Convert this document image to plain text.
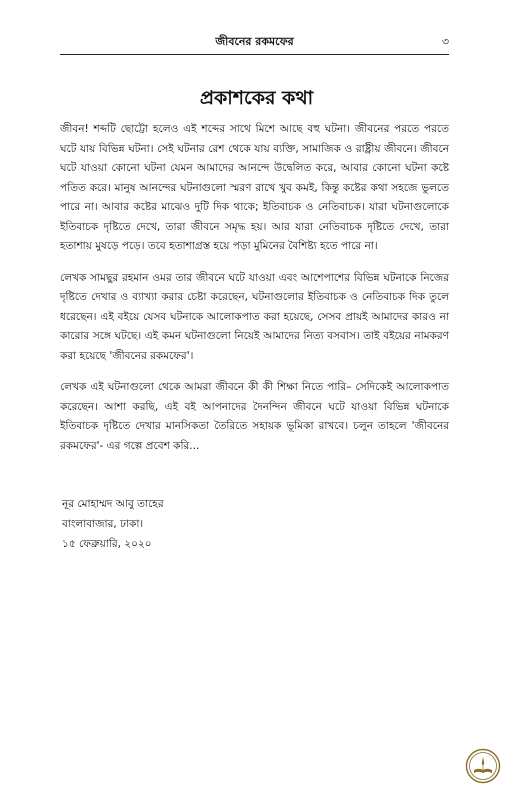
জীবনের রকমফের	৩
প্রকাশকের কথা

জীবন! শব্দটি ছোট্টো হলেও এই শব্দের সাথে মিশে আছে বহু ঘটনা। জীবনের পরতে পরতে ঘটে যায় বিভিন্ন ঘটনা। সেই ঘটনার রেশ থেকে যায় ব্যক্তি, সামাজিক ও রাষ্ট্রীয় জীবনে। জীবনে ঘটে যাওয়া কোনো ঘটনা যেমন আমাদের আনন্দে উদ্বেলিত করে, আবার কোনো ঘটনা কষ্টে পতিত করে। মানুষ আনন্দের ঘটনাগুলো স্মরণ রাখে খুব কমই, কিন্তু কষ্টের কথা সহজে ভুলতে পারে না। আবার কষ্টের মাঝেও দুটি দিক থাকে; ইতিবাচক ও নেতিবাচক। যারা ঘটনাগুলোকে ইতিবাচক দৃষ্টিতে দেখে, তারা জীবনে সমৃদ্ধ হয়। আর যারা নেতিবাচক দৃষ্টিতে দেখে, তারা হতাশায় মুষড়ে পড়ে। তবে হতাশাগ্রস্ত হয়ে পড়া মুমিনের বৈশিষ্ট্য হতে পারে না।

লেখক সামছুর রহমান ওমর তার জীবনে ঘটে যাওয়া এবং আশেপাশের বিভিন্ন ঘটনাকে নিজের দৃষ্টিতে দেখার ও ব্যাখ্যা করার চেষ্টা করেছেন, ঘটনাগুলোর ইতিবাচক ও নেতিবাচক দিক তুলে ধরেছেন। এই বইয়ে যেসব ঘটনাকে আলোকপাত করা হয়েছে, সেসব প্রায়ই আমাদের কারও না কারোর সঙ্গে ঘটছে। এই কমন ঘটনাগুলো নিয়েই আমাদের নিত্য বসবাস। তাই বইয়ের নামকরণ করা হয়েছে 'জীবনের রকমফের'।

লেখক এই ঘটনাগুলো থেকে আমরা জীবনে কী কী শিক্ষা নিতে পারি– সেদিকেই আলোকপাত করেছেন। আশা করছি, এই বই আপনাদের দৈনন্দিন জীবনে ঘটে যাওয়া বিভিন্ন ঘটনাকে ইতিবাচক দৃষ্টিতে দেখার মানসিকতা তৈরিতে সহায়ক ভূমিকা রাখবে। চলুন তাহলে 'জীবনের রকমফের'- এর গল্পে প্রবেশ করি...

নূর মোহাম্মদ আবু তাহের
বাংলাবাজার, ঢাকা।
১৫ ফেব্রুয়ারি, ২০২০
